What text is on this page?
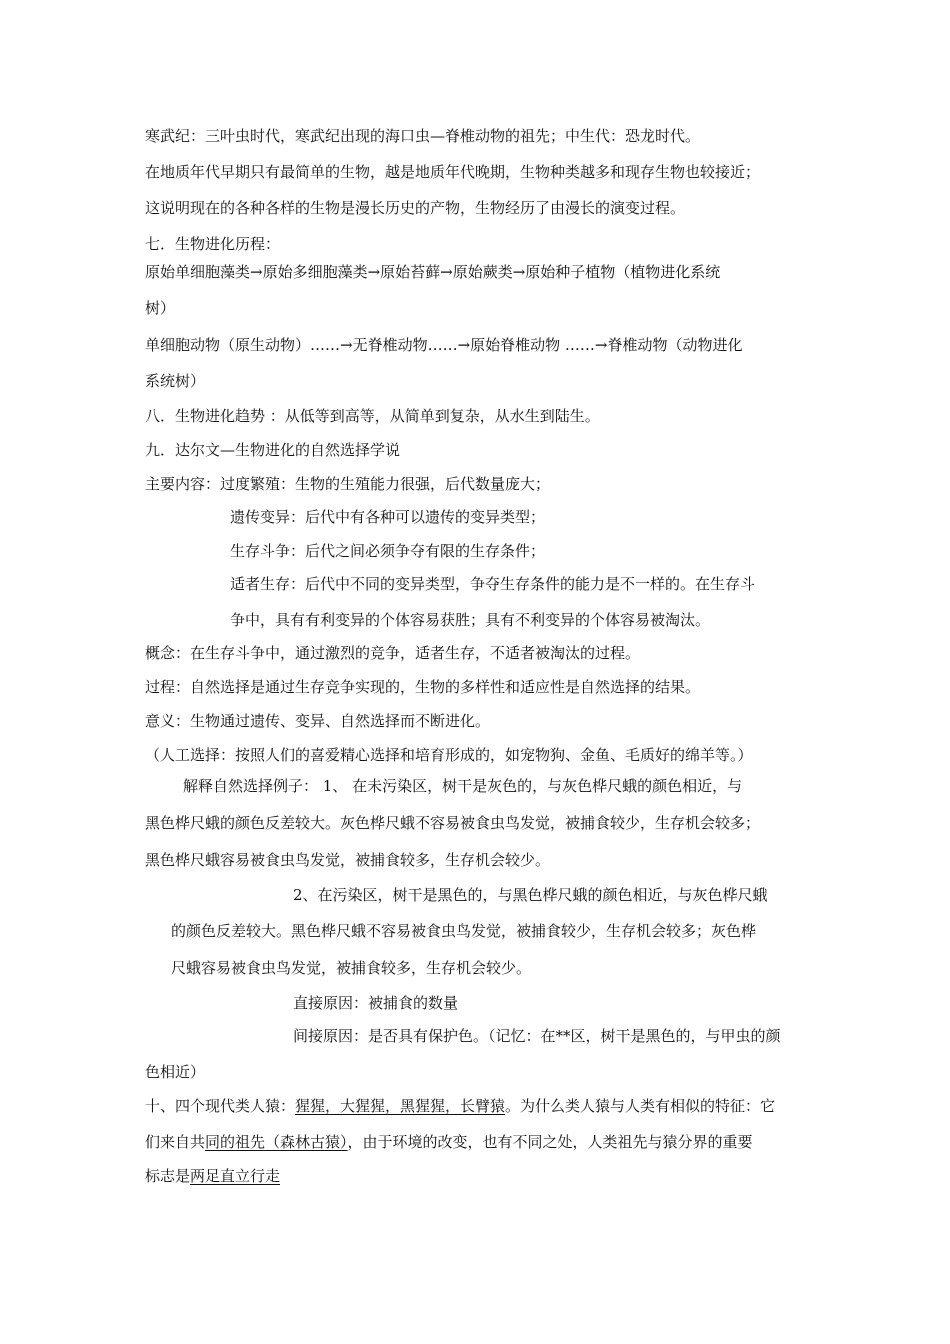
寒武纪：三叶虫时代，寒武纪出现的海口虫—脊椎动物的祖先；中生代：恐龙时代。

在地质年代早期只有最简单的生物，越是地质年代晚期，生物种类越多和现存生物也较接近；

这说明现在的各种各样的生物是漫长历史的产物，生物经历了由漫长的演变过程。

七．生物进化历程：

原始单细胞藻类→原始多细胞藻类→原始苔藓→原始蕨类→原始种子植物（植物进化系统

树）

单细胞动物（原生动物）……→无脊椎动物……→原始脊椎动物 ……→脊椎动物（动物进化

系统树）

八．生物进化趋势 ：从低等到高等，从简单到复杂，从水生到陆生。

九．达尔文—生物进化的自然选择学说

主要内容：过度繁殖：生物的生殖能力很强，后代数量庞大；

遗传变异：后代中有各种可以遗传的变异类型；

生存斗争：后代之间必须争夺有限的生存条件；

适者生存：后代中不同的变异类型，争夺生存条件的能力是不一样的。在生存斗

争中，具有有利变异的个体容易获胜；具有不利变异的个体容易被淘汰。

概念：在生存斗争中，通过激烈的竞争，适者生存，不适者被淘汰的过程。

过程：自然选择是通过生存竞争实现的，生物的多样性和适应性是自然选择的结果。

意义：生物通过遗传、变异、自然选择而不断进化。

（人工选择：按照人们的喜爱精心选择和培育形成的，如宠物狗、金鱼、毛质好的绵羊等。）

解释自然选择例子： 1、 在未污染区，树干是灰色的，与灰色桦尺蛾的颜色相近，与

黑色桦尺蛾的颜色反差较大。灰色桦尺蛾不容易被食虫鸟发觉，被捕食较少，生存机会较多；

黑色桦尺蛾容易被食虫鸟发觉，被捕食较多，生存机会较少。

2、在污染区，树干是黑色的，与黑色桦尺蛾的颜色相近，与灰色桦尺蛾

的颜色反差较大。黑色桦尺蛾不容易被食虫鸟发觉，被捕食较少，生存机会较多；灰色桦

尺蛾容易被食虫鸟发觉，被捕食较多，生存机会较少。

直接原因：被捕食的数量

间接原因：是否具有保护色。（记忆：在**区，树干是黑色的，与甲虫的颜

色相近）

十、四个现代类人猿：猩猩，大猩猩，黑猩猩，长臂猿。为什么类人猿与人类有相似的特征：它

们来自共同的祖先（森林古猿），由于环境的改变，也有不同之处，人类祖先与猿分界的重要

标志是两足直立行走
